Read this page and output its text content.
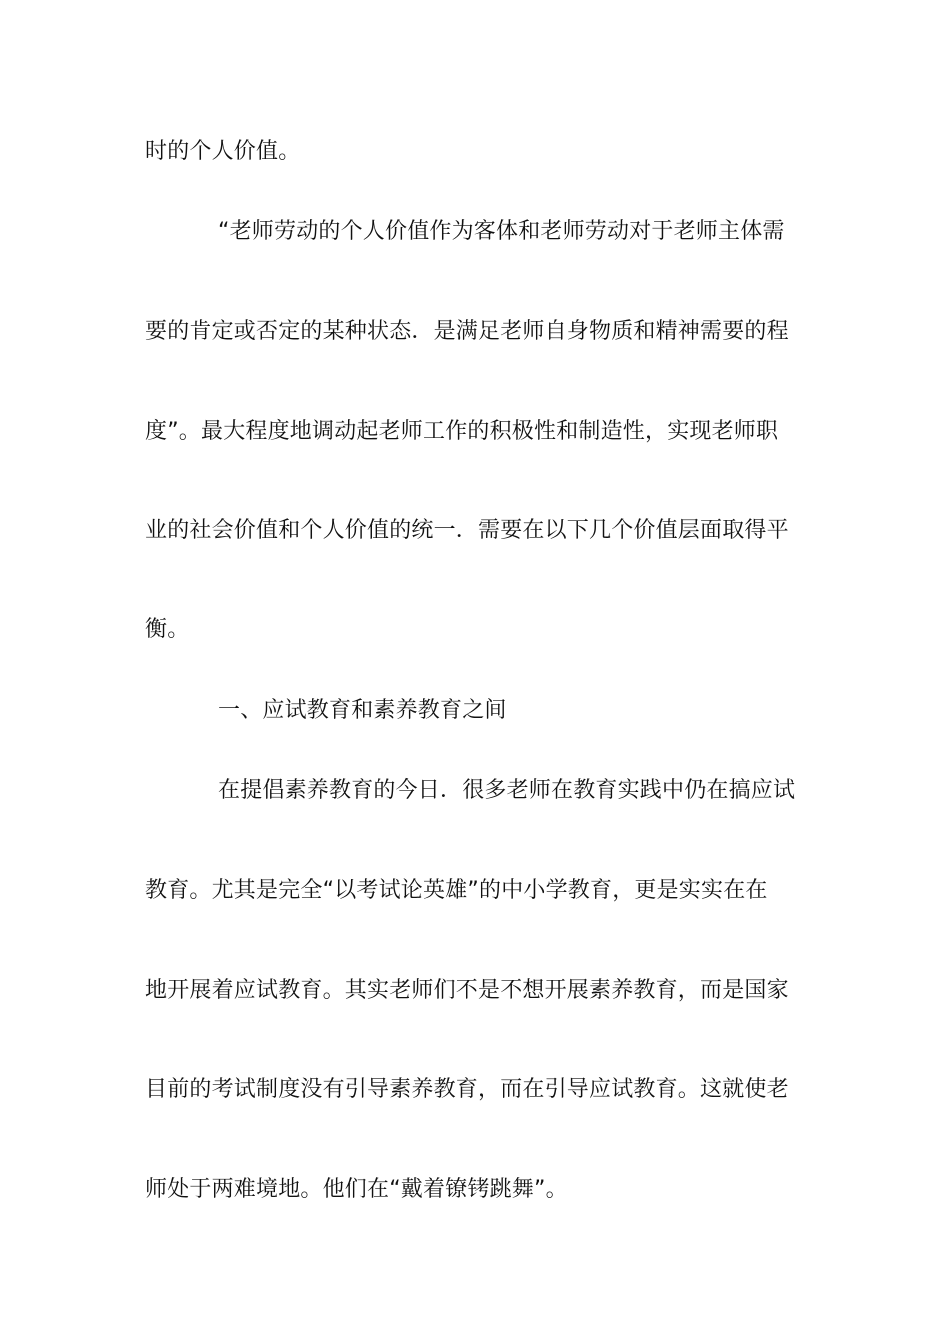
时的个人价值。
“老师劳动的个人价值作为客体和老师劳动对于老师主体需
要的肯定或否定的某种状态．是满足老师自身物质和精神需要的程
度”。最大程度地调动起老师工作的积极性和制造性，实现老师职
业的社会价值和个人价值的统一．需要在以下几个价值层面取得平
衡。
一、应试教育和素养教育之间
在提倡素养教育的今日．很多老师在教育实践中仍在搞应试
教育。尤其是完全“以考试论英雄”的中小学教育，更是实实在在
地开展着应试教育。其实老师们不是不想开展素养教育，而是国家
目前的考试制度没有引导素养教育，而在引导应试教育。这就使老
师处于两难境地。他们在“戴着镣铐跳舞”。
